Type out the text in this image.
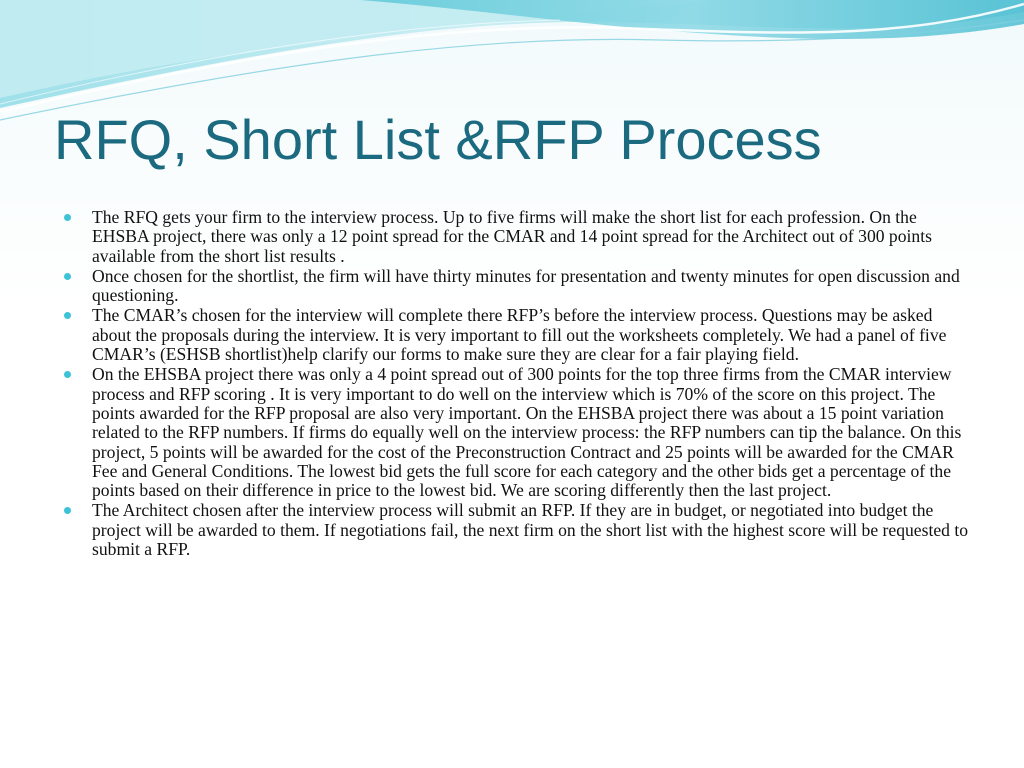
RFQ, Short List &RFP Process
The RFQ gets your firm to the interview process. Up to five firms will make the short list for each profession. On the EHSBA project, there was only a 12 point spread for the CMAR and 14 point spread for the Architect out of 300 points available from the short list results .
Once chosen for the shortlist, the firm will have thirty minutes for presentation and twenty minutes for open discussion and questioning.
The CMAR’s chosen for the interview will complete there RFP’s before the interview process. Questions may be asked about the proposals during the interview. It is very important to fill out the worksheets completely. We had a panel of five CMAR’s (ESHSB shortlist)help clarify our forms to make sure they are clear for a fair playing field.
On the EHSBA project there was only a 4 point spread out of 300 points for the top three firms from the CMAR interview process and RFP scoring . It is very important to do well on the interview which is 70% of the score on this project. The points awarded for the RFP proposal are also very important. On the EHSBA project there was about a 15 point variation related to the RFP numbers. If firms do equally well on the interview process: the RFP numbers can tip the balance. On this project, 5 points will be awarded for the cost of the Preconstruction Contract and 25 points will be awarded for the CMAR Fee and General Conditions. The lowest bid gets the full score for each category and the other bids get a percentage of the points based on their difference in price to the lowest bid. We are scoring differently then the last project.
The Architect chosen after the interview process will submit an RFP. If they are in budget, or negotiated into budget the project will be awarded to them. If negotiations fail, the next firm on the short list with the highest score will be requested to submit a RFP.
